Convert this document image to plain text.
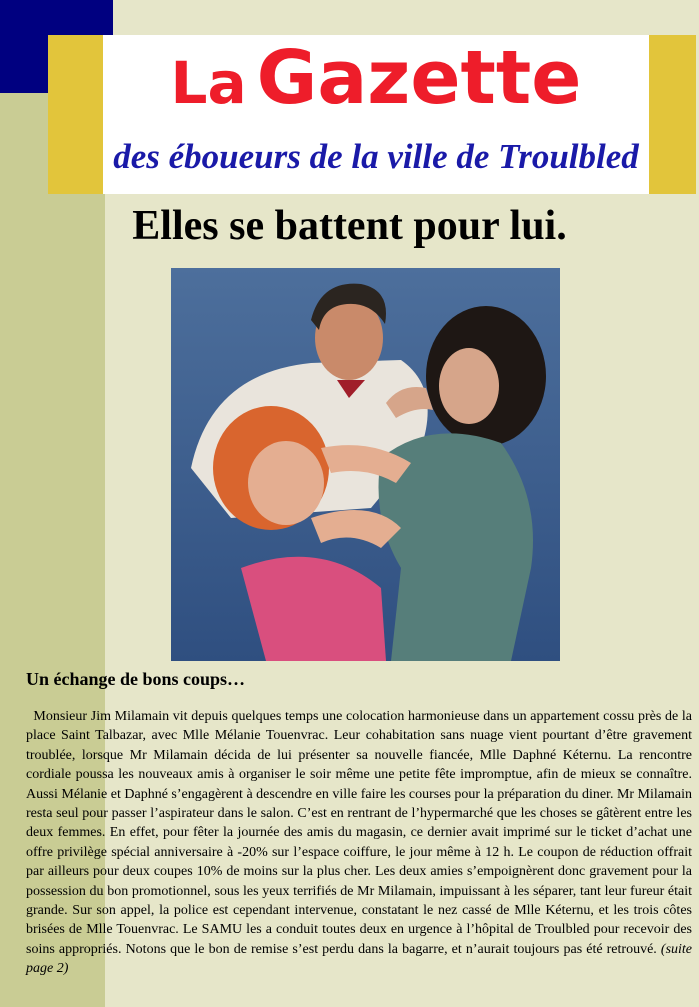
La Gazette
des éboueurs de la ville de Troulbled
Elles se battent pour lui.
Un échange de bons coups…

Monsieur Jim Milamain vit depuis quelques temps une colocation harmonieuse dans un appartement cossu près de la place Saint Talbazar, avec Mlle Mélanie Touenvrac. Leur cohabitation sans nuage vient pourtant d’être gravement troublée, lorsque Mr Milamain décida de lui présenter sa nouvelle fiancée, Mlle Daphné Kéternu. La rencontre cordiale poussa les nouveaux amis à organiser le soir même une petite fête impromptue, afin de mieux se connaître. Aussi Mélanie et Daphné s’engagèrent à descendre en ville faire les courses pour la préparation du diner. Mr Milamain resta seul pour passer l’aspirateur dans le salon. C’est en rentrant de l’hypermarché que les choses se gâtèrent entre les deux femmes. En effet, pour fêter la journée des amis du magasin, ce dernier avait imprimé sur le ticket d’achat une offre privilège spécial anniversaire à -20% sur l’espace coiffure, le jour même à 12 h. Le coupon de réduction offrait par ailleurs pour deux coupes 10% de moins sur la plus cher. Les deux amies s’empoignèrent donc gravement pour la possession du bon promotionnel, sous les yeux terrifiés de Mr Milamain, impuissant à les séparer, tant leur fureur était grande. Sur son appel, la police est cependant intervenue, constatant le nez cassé de Mlle Kéternu, et les trois côtes brisées de Mlle Touenvrac. Le SAMU les a conduit toutes deux en urgence à l’hôpital de Troulbled pour recevoir des soins appropriés. Notons que le bon de remise s’est perdu dans la bagarre, et n’aurait toujours pas été retrouvé. (suite page 2)
